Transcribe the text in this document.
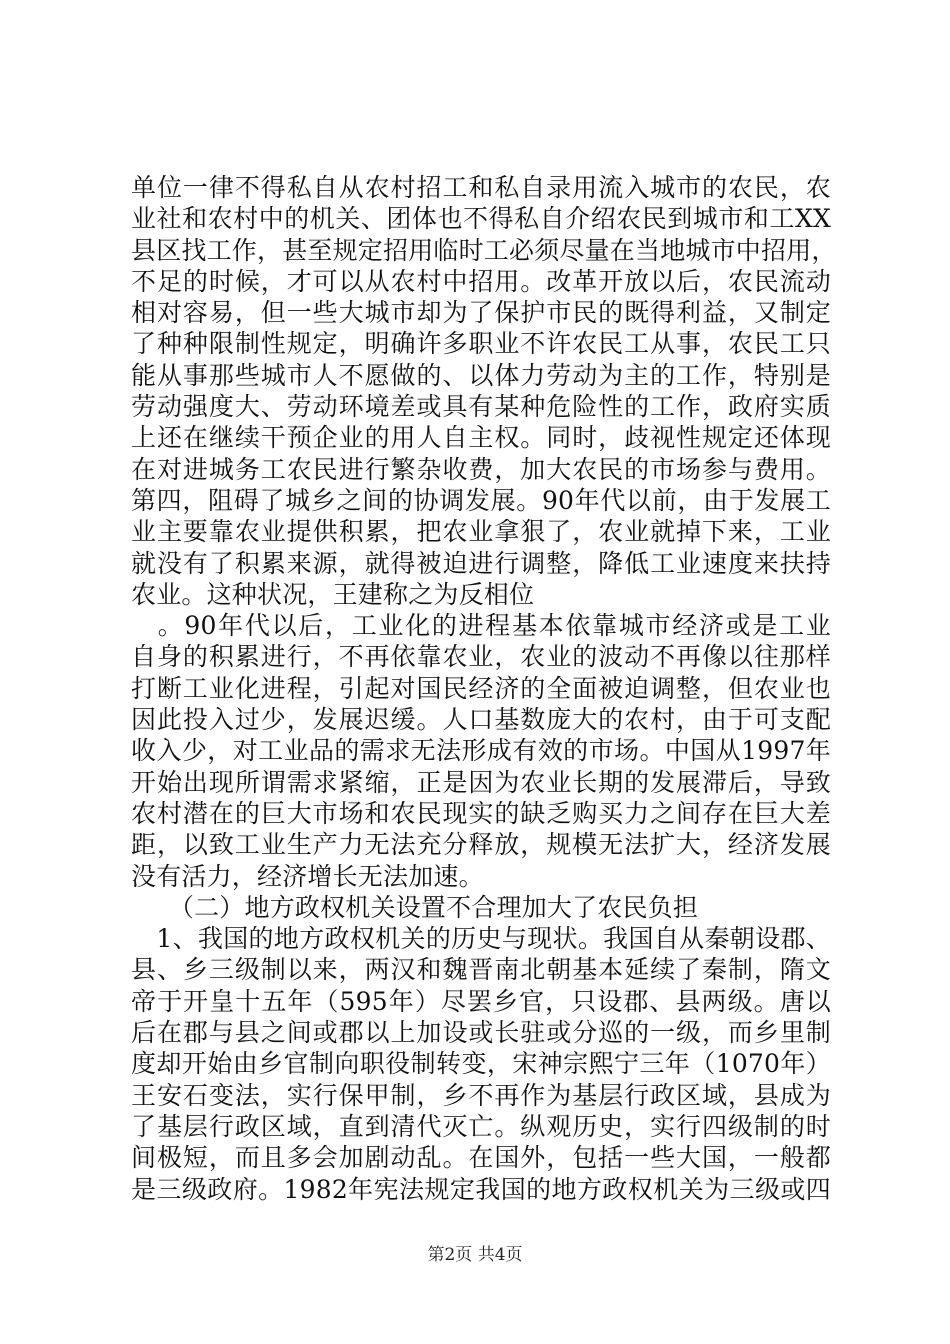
单位一律不得私自从农村招工和私自录用流入城市的农民，农
业社和农村中的机关、团体也不得私自介绍农民到城市和工XX
县区找工作，甚至规定招用临时工必须尽量在当地城市中招用，
不足的时候，才可以从农村中招用。改革开放以后，农民流动
相对容易，但一些大城市却为了保护市民的既得利益，又制定
了种种限制性规定，明确许多职业不许农民工从事，农民工只
能从事那些城市人不愿做的、以体力劳动为主的工作，特别是
劳动强度大、劳动环境差或具有某种危险性的工作，政府实质
上还在继续干预企业的用人自主权。同时，歧视性规定还体现
在对进城务工农民进行繁杂收费，加大农民的市场参与费用。
第四，阻碍了城乡之间的协调发展。90年代以前，由于发展工
业主要靠农业提供积累，把农业拿狠了，农业就掉下来，工业
就没有了积累来源，就得被迫进行调整，降低工业速度来扶持
农业。这种状况，王建称之为反相位
　。90年代以后，工业化的进程基本依靠城市经济或是工业
自身的积累进行，不再依靠农业，农业的波动不再像以往那样
打断工业化进程，引起对国民经济的全面被迫调整，但农业也
因此投入过少，发展迟缓。人口基数庞大的农村，由于可支配
收入少，对工业品的需求无法形成有效的市场。中国从1997年
开始出现所谓需求紧缩，正是因为农业长期的发展滞后，导致
农村潜在的巨大市场和农民现实的缺乏购买力之间存在巨大差
距，以致工业生产力无法充分释放，规模无法扩大，经济发展
没有活力，经济增长无法加速。
　　（二）地方政权机关设置不合理加大了农民负担
　1、我国的地方政权机关的历史与现状。我国自从秦朝设郡、
县、乡三级制以来，两汉和魏晋南北朝基本延续了秦制，隋文
帝于开皇十五年（595年）尽罢乡官，只设郡、县两级。唐以
后在郡与县之间或郡以上加设或长驻或分巡的一级，而乡里制
度却开始由乡官制向职役制转变，宋神宗熙宁三年（1070年）
王安石变法，实行保甲制，乡不再作为基层行政区域，县成为
了基层行政区域，直到清代灭亡。纵观历史，实行四级制的时
间极短，而且多会加剧动乱。在国外，包括一些大国，一般都
是三级政府。1982年宪法规定我国的地方政权机关为三级或四
第2页 共4页
